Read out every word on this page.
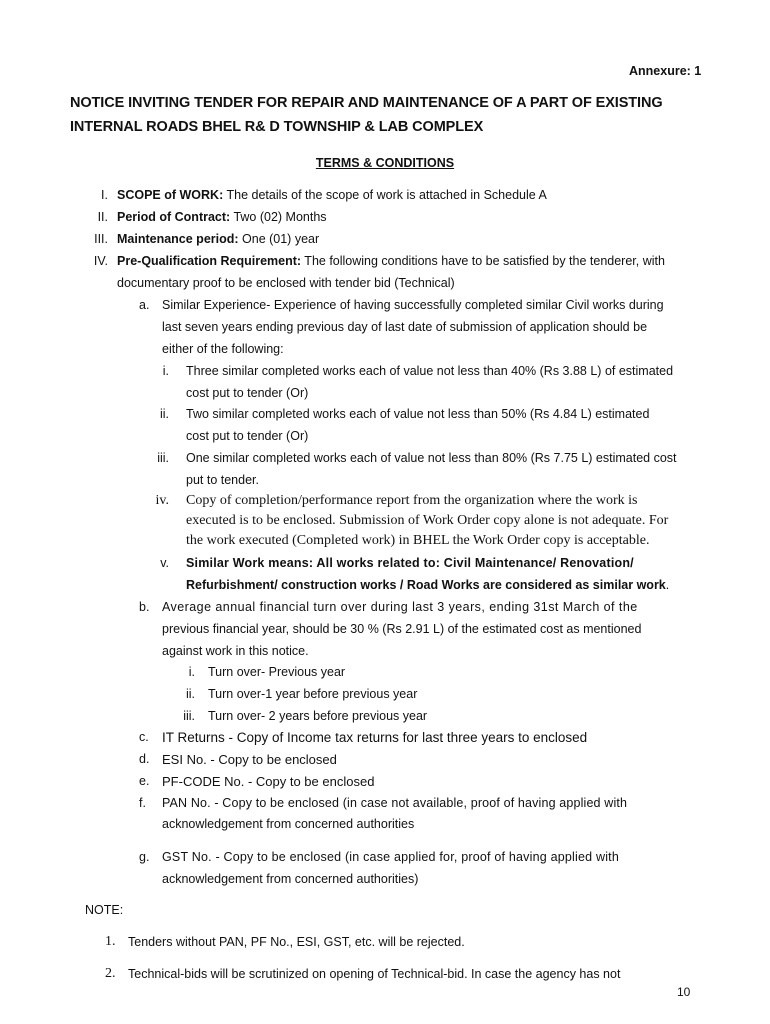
Annexure: 1
NOTICE INVITING TENDER FOR REPAIR AND MAINTENANCE OF A PART OF EXISTING
INTERNAL ROADS BHEL R& D TOWNSHIP & LAB COMPLEX
TERMS & CONDITIONS
I. SCOPE of WORK: The details of the scope of work is attached in Schedule A
II. Period of Contract: Two (02) Months
III. Maintenance period: One (01) year
IV. Pre-Qualification Requirement: The following conditions have to be satisfied by the tenderer, with
documentary proof to be enclosed with tender bid (Technical)
a. Similar Experience- Experience of having successfully completed similar Civil works during
last seven years ending previous day of last date of submission of application should be
either of the following:
i. Three similar completed works each of value not less than 40% (Rs 3.88 L) of estimated
cost put to tender (Or)
ii. Two similar completed works each of value not less than 50% (Rs 4.84 L) estimated
cost put to tender (Or)
iii. One similar completed works each of value not less than 80% (Rs 7.75 L) estimated cost
put to tender.
iv. Copy of completion/performance report from the organization where the work is
executed is to be enclosed. Submission of Work Order copy alone is not adequate. For
the work executed (Completed work) in BHEL the Work Order copy is acceptable.
v. Similar Work means: All works related to: Civil Maintenance/ Renovation/
Refurbishment/ construction works / Road Works are considered as similar work.
b. Average annual financial turn over during last 3 years, ending 31st March of the
previous financial year, should be 30 % (Rs 2.91 L) of the estimated cost as mentioned
against work in this notice.
i. Turn over- Previous year
ii. Turn over-1 year before previous year
iii. Turn over- 2 years before previous year
c. IT Returns - Copy of Income tax returns for last three years to enclosed
d. ESI No. - Copy to be enclosed
e. PF-CODE No. - Copy to be enclosed
f. PAN No. - Copy to be enclosed (in case not available, proof of having applied with
acknowledgement from concerned authorities
g. GST No. - Copy to be enclosed (in case applied for, proof of having applied with
acknowledgement from concerned authorities)
NOTE:
1. Tenders without PAN, PF No., ESI, GST, etc. will be rejected.
2. Technical-bids will be scrutinized on opening of Technical-bid. In case the agency has not
10
